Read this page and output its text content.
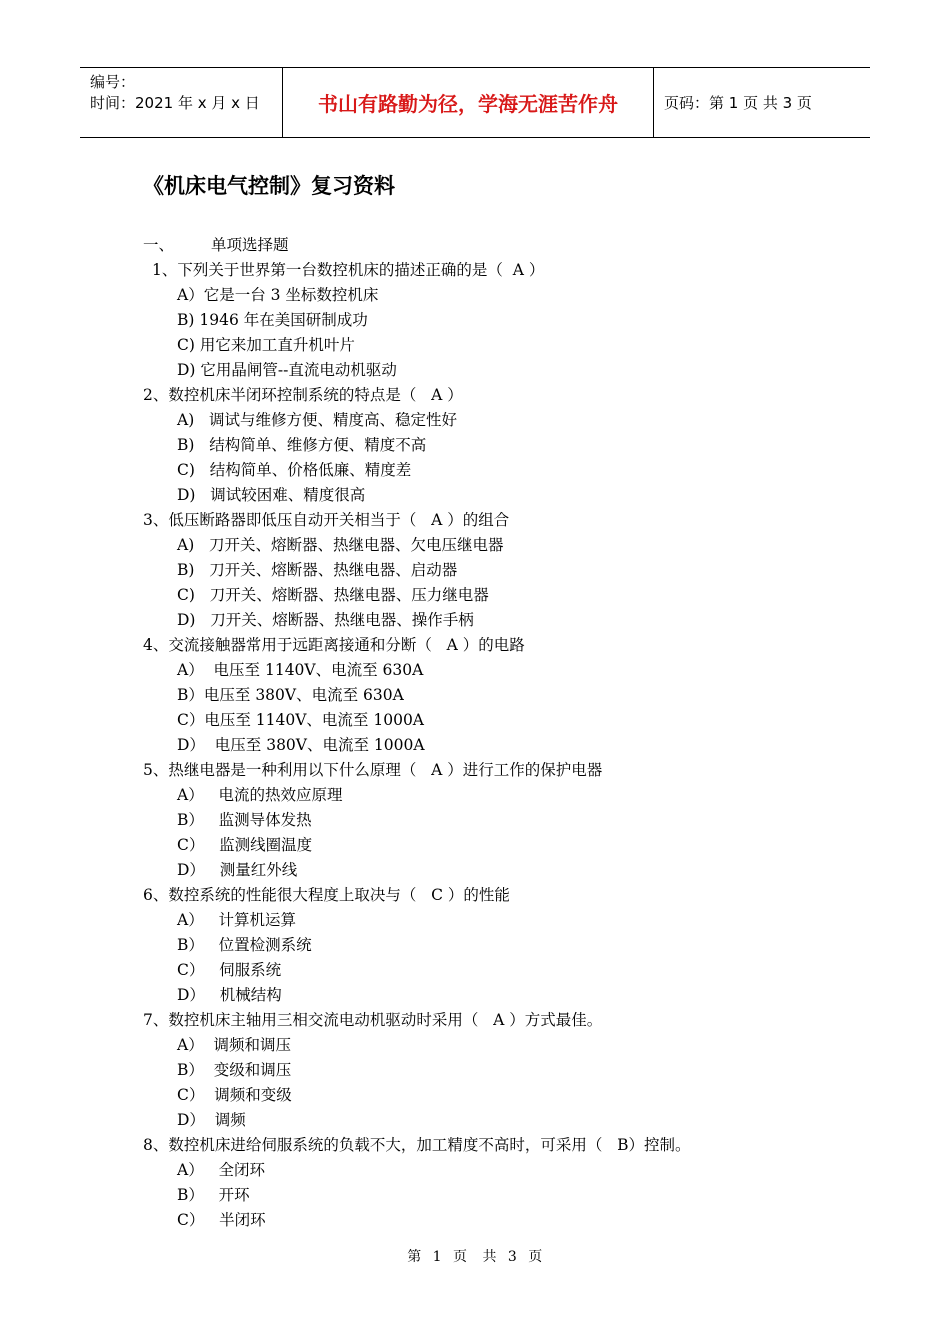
编号：
时间：2021 年 x 月 x 日	书山有路勤为径，学海无涯苦作舟	页码：第 1 页 共 3 页
《机床电气控制》复习资料
一、 单项选择题
1、下列关于世界第一台数控机床的描述正确的是（  A ）
A）它是一台 3 坐标数控机床
B) 1946 年在美国研制成功
C) 用它来加工直升机叶片
D) 它用晶闸管--直流电动机驱动
2、数控机床半闭环控制系统的特点是（   A ）
A)   调试与维修方便、精度高、稳定性好
B)   结构简单、维修方便、精度不高
C)   结构简单、价格低廉、精度差
D)   调试较困难、精度很高
3、低压断路器即低压自动开关相当于（   A ）的组合
A)   刀开关、熔断器、热继电器、欠电压继电器
B)   刀开关、熔断器、热继电器、启动器
C)   刀开关、熔断器、热继电器、压力继电器
D)   刀开关、熔断器、热继电器、操作手柄
4、交流接触器常用于远距离接通和分断（   A ）的电路
A）  电压至 1140V、电流至 630A
B）电压至 380V、电流至 630A
C）电压至 1140V、电流至 1000A
D）  电压至 380V、电流至 1000A
5、热继电器是一种利用以下什么原理（   A ）进行工作的保护电器
A）   电流的热效应原理
B）   监测导体发热
C）   监测线圈温度
D）   测量红外线
6、数控系统的性能很大程度上取决与（   C ）的性能
A）   计算机运算
B）   位置检测系统
C）   伺服系统
D）   机械结构
7、数控机床主轴用三相交流电动机驱动时采用（   A ）方式最佳。
A）  调频和调压
B）  变级和调压
C）  调频和变级
D）  调频
8、数控机床进给伺服系统的负载不大，加工精度不高时，可采用（   B）控制。
A）   全闭环
B）   开环
C）   半闭环
第 1 页 共 3 页
